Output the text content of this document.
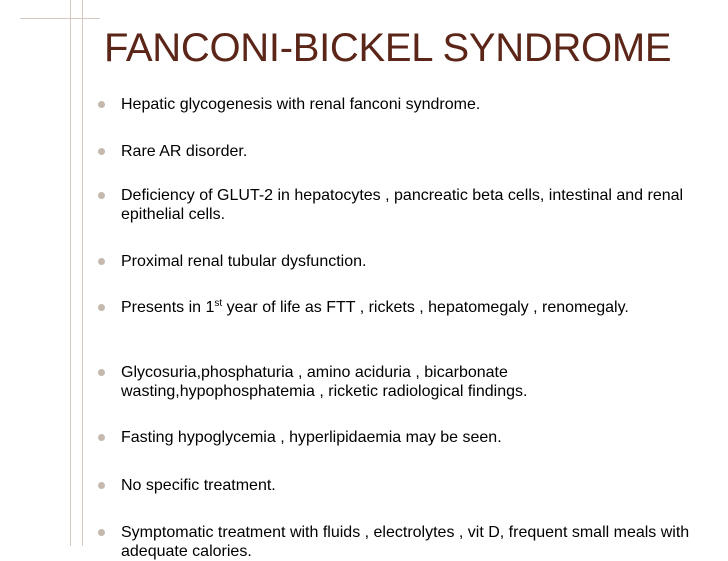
FANCONI-BICKEL SYNDROME
Hepatic glycogenesis with renal fanconi syndrome.
Rare AR disorder.
Deficiency of GLUT-2 in hepatocytes , pancreatic beta cells, intestinal and renal epithelial cells.
Proximal renal tubular dysfunction.
Presents in 1st year of life as FTT , rickets , hepatomegaly , renomegaly.
Glycosuria,phosphaturia , amino aciduria , bicarbonate wasting,hypophosphatemia , ricketic radiological findings.
Fasting hypoglycemia , hyperlipidaemia may be seen.
No specific treatment.
Symptomatic treatment with fluids , electrolytes , vit D, frequent small meals with adequate calories.
